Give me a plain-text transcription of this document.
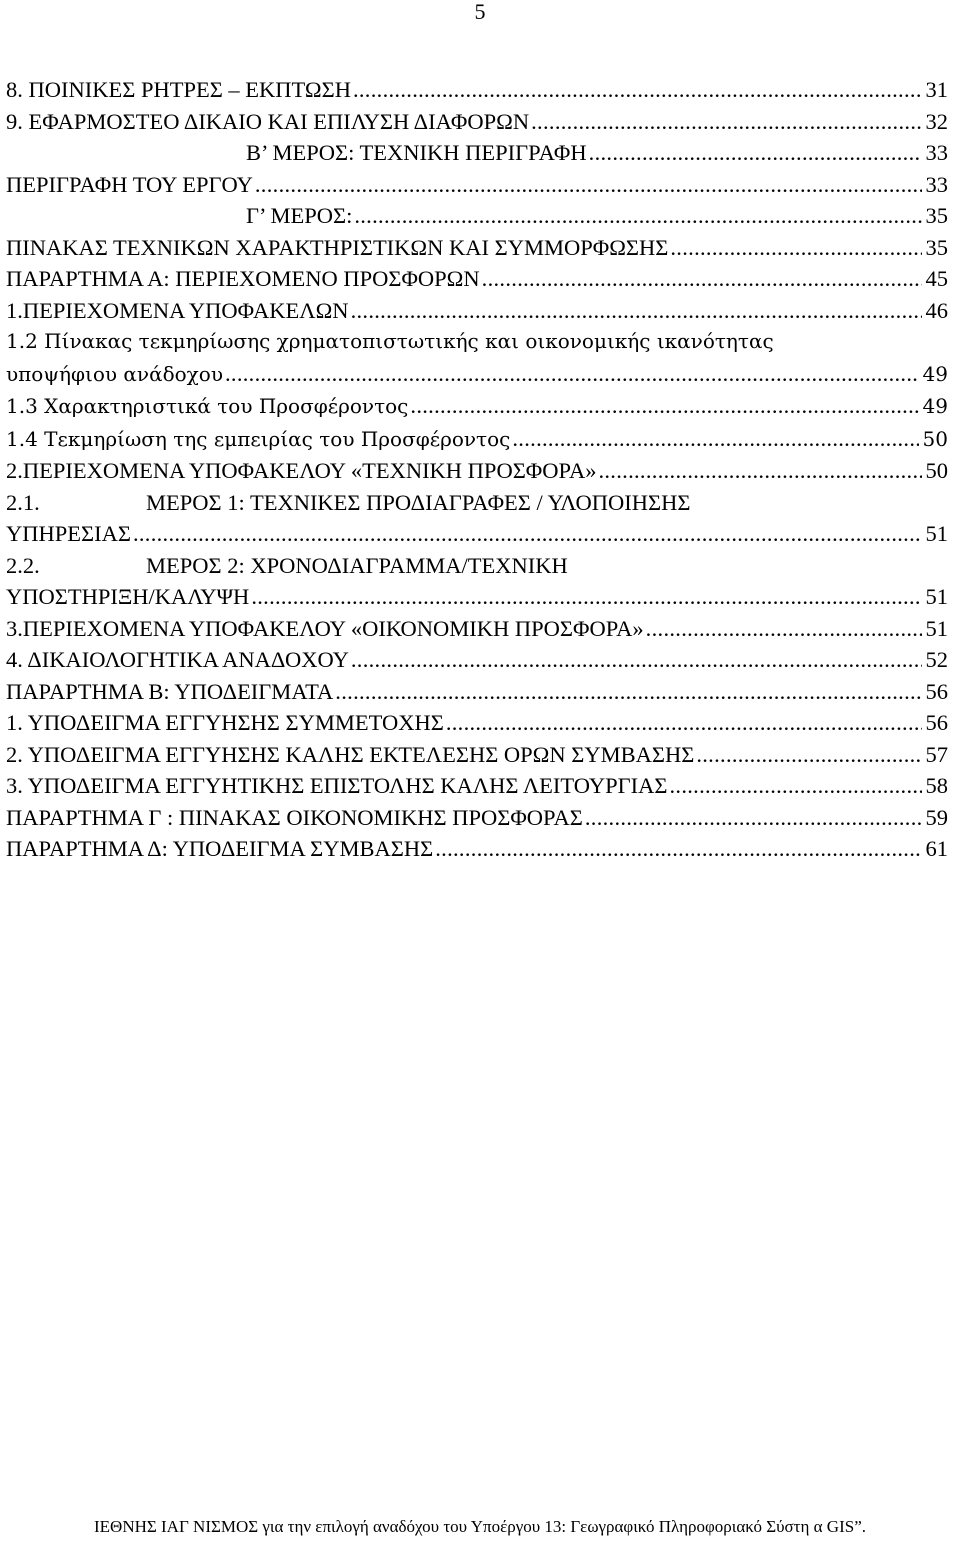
5
8. ΠΟΙΝΙΚΕΣ ΡΗΤΡΕΣ – ΕΚΠΤΩΣΗ .....	31
9. ΕΦΑΡΜΟΣΤΕΟ ΔΙΚΑΙΟ ΚΑΙ ΕΠΙΛΥΣΗ ΔΙΑΦΟΡΩΝ .....	32
Β’ ΜΕΡΟΣ: ΤΕΧΝΙΚΗ ΠΕΡΙΓΡΑΦΗ .....	33
ΠΕΡΙΓΡΑΦΗ ΤΟΥ ΕΡΓΟΥ .....	33
Γ’ ΜΕΡΟΣ: .....	35
ΠΙΝΑΚΑΣ ΤΕΧΝΙΚΩΝ ΧΑΡΑΚΤΗΡΙΣΤΙΚΩΝ ΚΑΙ ΣΥΜΜΟΡΦΩΣΗΣ .....	35
ΠΑΡΑΡΤΗΜΑ Α: ΠΕΡΙΕΧΟΜΕΝΟ ΠΡΟΣΦΟΡΩΝ .....	45
1.ΠΕΡΙΕΧΟΜΕΝΑ ΥΠΟΦΑΚΕΛΩΝ .....	46
1.2 Πίνακας τεκμηρίωσης χρηματοπιστωτικής και οικονομικής ικανότητας
υποψήφιου ανάδοχου .....	49
1.3 Χαρακτηριστικά του Προσφέροντος .....	49
1.4 Τεκμηρίωση της εμπειρίας του Προσφέροντος .....	50
2.ΠΕΡΙΕΧΟΜΕΝΑ ΥΠΟΦΑΚΕΛΟΥ «ΤΕΧΝΙΚΗ ΠΡΟΣΦΟΡΑ» .....	50
2.1.	ΜΕΡΟΣ 1: ΤΕΧΝΙΚΕΣ ΠΡΟΔΙΑΓΡΑΦΕΣ / ΥΛΟΠΟΙΗΣΗΣ
ΥΠΗΡΕΣΙΑΣ .....	51
2.2.	ΜΕΡΟΣ 2: ΧΡΟΝΟΔΙΑΓΡΑΜΜΑ/ΤΕΧΝΙΚΗ
ΥΠΟΣΤΗΡΙΞΗ/ΚΑΛΥΨΗ .....	51
3.ΠΕΡΙΕΧΟΜΕΝΑ ΥΠΟΦΑΚΕΛΟΥ «ΟΙΚΟΝΟΜΙΚΗ ΠΡΟΣΦΟΡΑ» .....	51
4. ΔΙΚΑΙΟΛΟΓΗΤΙΚΑ ΑΝΑΔΟΧΟΥ .....	52
ΠΑΡΑΡΤΗΜΑ Β: ΥΠΟΔΕΙΓΜΑΤΑ .....	56
1. ΥΠΟΔΕΙΓΜΑ ΕΓΓΥΗΣΗΣ ΣΥΜΜΕΤΟΧΗΣ .....	56
2. ΥΠΟΔΕΙΓΜΑ ΕΓΓΥΗΣΗΣ ΚΑΛΗΣ ΕΚΤΕΛΕΣΗΣ ΟΡΩΝ ΣΥΜΒΑΣΗΣ .....	57
3. ΥΠΟΔΕΙΓΜΑ ΕΓΓΥΗΤΙΚΗΣ ΕΠΙΣΤΟΛΗΣ ΚΑΛΗΣ ΛΕΙΤΟΥΡΓΙΑΣ .....	58
ΠΑΡΑΡΤΗΜΑ Γ : ΠΙΝΑΚΑΣ ΟΙΚΟΝΟΜΙΚΗΣ ΠΡΟΣΦΟΡΑΣ .....	59
ΠΑΡΑΡΤΗΜΑ Δ: ΥΠΟΔΕΙΓΜΑ ΣΥΜΒΑΣΗΣ .....	61
ΙΕΘΝΗΣ ΙΑΓ ΝΙΣΜΟΣ για την επιλογή αναδόχου του Υποέργου 13: Γεωγραφικό Πληροφοριακό Σύστη α GIS”.
